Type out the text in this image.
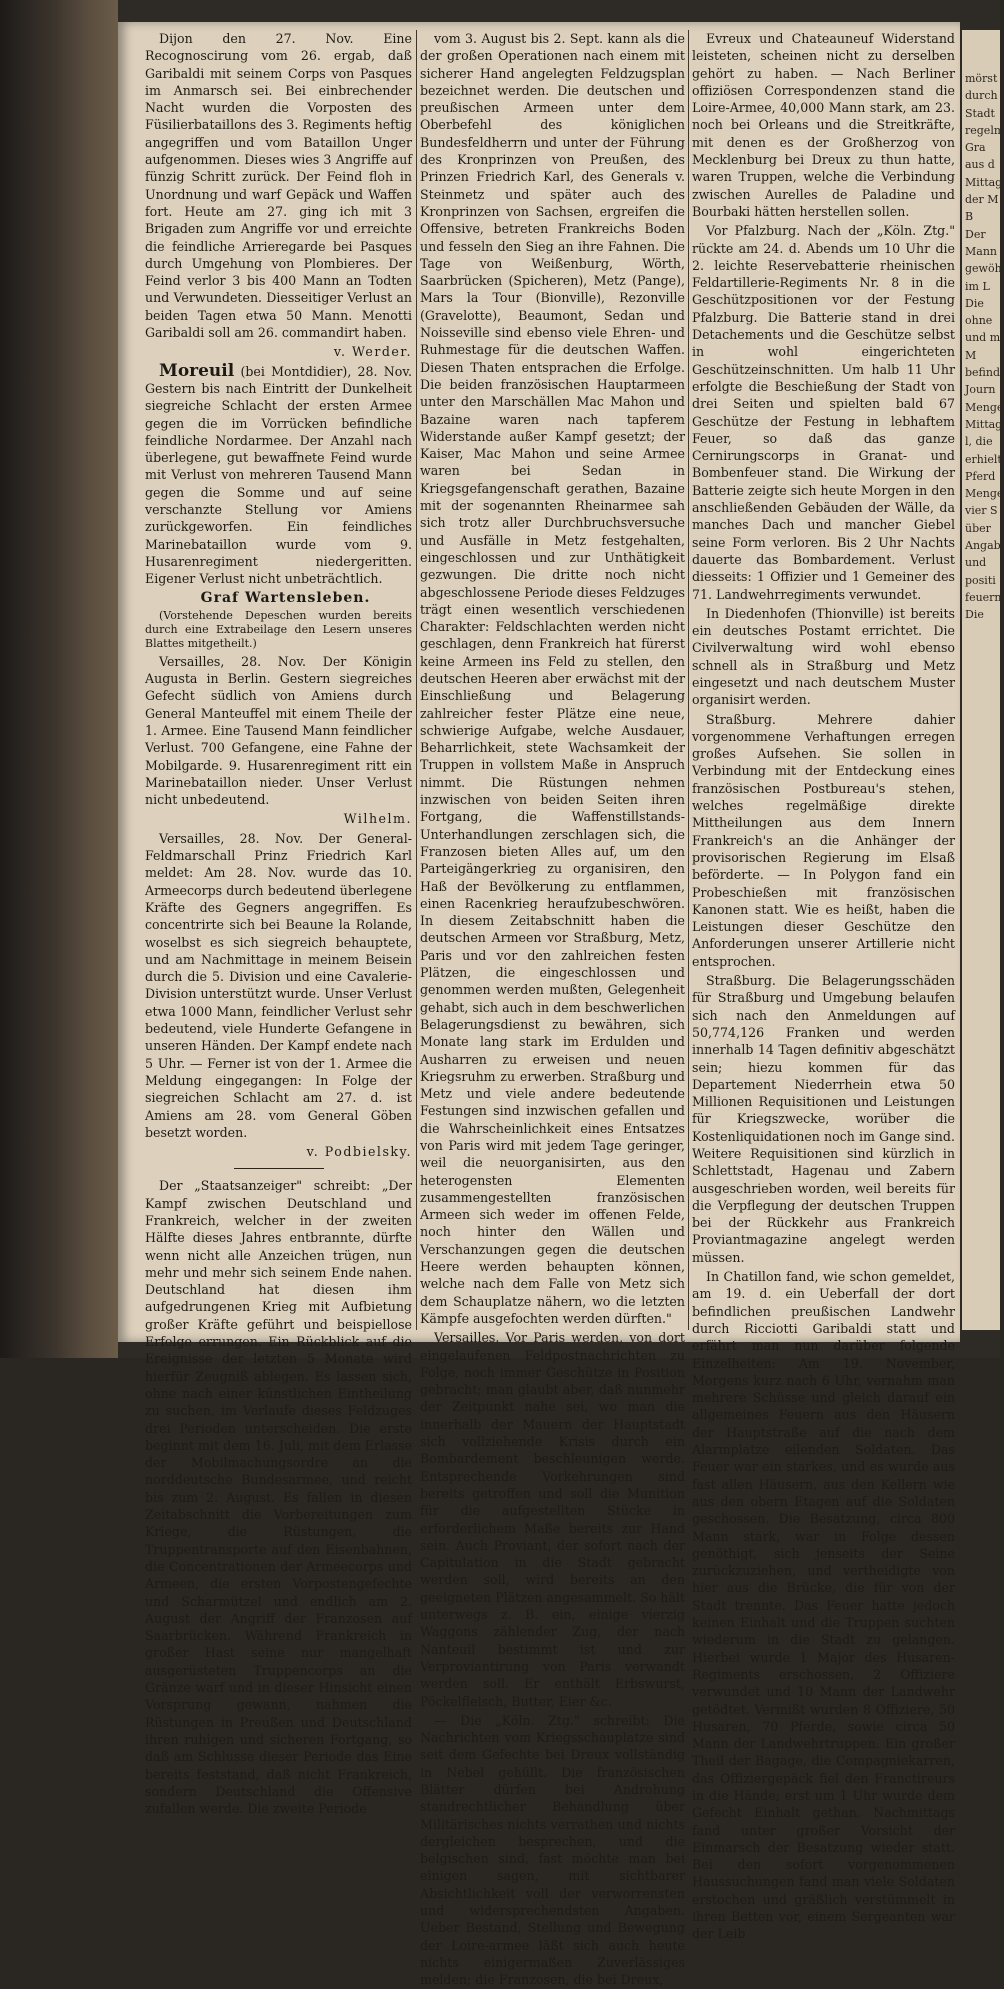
Dijon den 27. Nov. Eine Recognoscirung vom 26. ergab, daß Garibaldi mit seinem Corps von Pasques im Anmarsch sei. Bei einbrechender Nacht wurden die Vorposten des Füsilierbataillons des 3. Regiments heftig angegriffen und vom Bataillon Unger aufgenommen. Dieses wies 3 Angriffe auf fünzig Schritt zurück. Der Feind floh in Unordnung und warf Gepäck und Waffen fort. Heute am 27. ging ich mit 3 Brigaden zum Angriffe vor und erreichte die feindliche Arrieregarde bei Pasques durch Umgehung von Plombieres. Der Feind verlor 3 bis 400 Mann an Todten und Verwundeten. Diesseitiger Verlust an beiden Tagen etwa 50 Mann. Menotti Garibaldi soll am 26. commandirt haben.

v. Werder.

Moreuil (bei Montdidier), 28. Nov. Gestern bis nach Eintritt der Dunkelheit siegreiche Schlacht der ersten Armee gegen die im Vorrücken befindliche feindliche Nordarmee. Der Anzahl nach überlegene, gut bewaffnete Feind wurde mit Verlust von mehreren Tausend Mann gegen die Somme und auf seine verschanzte Stellung vor Amiens zurückgeworfen. Ein feindliches Marinebataillon wurde vom 9. Husarenregiment niedergeritten. Eigener Verlust nicht unbeträchtlich.

Graf Wartensleben.

(Vorstehende Depeschen wurden bereits durch eine Extrabeilage den Lesern unseres Blattes mitgetheilt.)

Versailles, 28. Nov. Der Königin Augusta in Berlin. Gestern siegreiches Gefecht südlich von Amiens durch General Manteuffel mit einem Theile der 1. Armee. Eine Tausend Mann feindlicher Verlust. 700 Gefangene, eine Fahne der Mobilgarde. 9. Husarenregiment ritt ein Marinebataillon nieder. Unser Verlust nicht unbedeutend.

Wilhelm.

Versailles, 28. Nov. Der General-Feldmarschall Prinz Friedrich Karl meldet: Am 28. Nov. wurde das 10. Armeecorps durch bedeutend überlegene Kräfte des Gegners angegriffen. Es concentrirte sich bei Beaune la Rolande, woselbst es sich siegreich behauptete, und am Nachmittage in meinem Beisein durch die 5. Division und eine Cavalerie-Division unterstützt wurde. Unser Verlust etwa 1000 Mann, feindlicher Verlust sehr bedeutend, viele Hunderte Gefangene in unseren Händen. Der Kampf endete nach 5 Uhr. — Ferner ist von der 1. Armee die Meldung eingegangen: In Folge der siegreichen Schlacht am 27. d. ist Amiens am 28. vom General Göben besetzt worden.

v. Podbielsky.

Der „Staatsanzeiger" schreibt: „Der Kampf zwischen Deutschland und Frankreich, welcher in der zweiten Hälfte dieses Jahres entbrannte, dürfte wenn nicht alle Anzeichen trügen, nun mehr und mehr sich seinem Ende nahen. Deutschland hat diesen ihm aufgedrungenen Krieg mit Aufbietung großer Kräfte geführt und beispiellose Erfolge errungen. Ein Rückblick auf die Ereignisse der letzten 5 Monate wird hierfür Zeugniß ablegen. Es lassen sich, ohne nach einer künstlichen Eintheilung zu suchen, im Verlaufe dieses Feldzuges drei Perioden unterscheiden. Die erste beginnt mit dem 16. Juli, mit dem Erlasse der Mobilmachungsordre an die norddeutsche Bundesarmee, und reicht bis zum 2. August. Es fallen in diesen Zeitabschnitt die Vorbereitungen zum Kriege, die Rüstungen, die Truppentransporte auf den Eisenbahnen, die Concentrationen der Armeecorps und Armeen, die ersten Vorpostengefechte und Scharmützel und endlich am 2. August der Angriff der Franzosen auf Saarbrücken. Während Frankreich in großer Hast seine nur mangelhaft ausgerüsteten Truppencorps an die Gränze warf und in dieser Hinsicht einen Vorsprung gewann, nahmen die Rüstungen in Preußen und Deutschland ihren ruhigen und sicheren Fortgang, so daß am Schlusse dieser Periode das Eine bereits feststand, daß nicht Frankreich, sondern Deutschland die Offensive zufallen werde. Die zweite Periode

vom 3. August bis 2. Sept. kann als die der großen Operationen nach einem mit sicherer Hand angelegten Feldzugsplan bezeichnet werden. Die deutschen und preußischen Armeen unter dem Oberbefehl des königlichen Bundesfeldherrn und unter der Führung des Kronprinzen von Preußen, des Prinzen Friedrich Karl, des Generals v. Steinmetz und später auch des Kronprinzen von Sachsen, ergreifen die Offensive, betreten Frankreichs Boden und fesseln den Sieg an ihre Fahnen. Die Tage von Weißenburg, Wörth, Saarbrücken (Spicheren), Metz (Pange), Mars la Tour (Bionville), Rezonville (Gravelotte), Beaumont, Sedan und Noisseville sind ebenso viele Ehren- und Ruhmestage für die deutschen Waffen. Diesen Thaten entsprachen die Erfolge. Die beiden französischen Hauptarmeen unter den Marschällen Mac Mahon und Bazaine waren nach tapferem Widerstande außer Kampf gesetzt; der Kaiser, Mac Mahon und seine Armee waren bei Sedan in Kriegsgefangenschaft gerathen, Bazaine mit der sogenannten Rheinarmee sah sich trotz aller Durchbruchsversuche und Ausfälle in Metz festgehalten, eingeschlossen und zur Unthätigkeit gezwungen. Die dritte noch nicht abgeschlossene Periode dieses Feldzuges trägt einen wesentlich verschiedenen Charakter: Feldschlachten werden nicht geschlagen, denn Frankreich hat fürerst keine Armeen ins Feld zu stellen, den deutschen Heeren aber erwächst mit der Einschließung und Belagerung zahlreicher fester Plätze eine neue, schwierige Aufgabe, welche Ausdauer, Beharrlichkeit, stete Wachsamkeit der Truppen in vollstem Maße in Anspruch nimmt. Die Rüstungen nehmen inzwischen von beiden Seiten ihren Fortgang, die Waffenstillstands-Unterhandlungen zerschlagen sich, die Franzosen bieten Alles auf, um den Parteigängerkrieg zu organisiren, den Haß der Bevölkerung zu entflammen, einen Racenkrieg heraufzubeschwören. In diesem Zeitabschnitt haben die deutschen Armeen vor Straßburg, Metz, Paris und vor den zahlreichen festen Plätzen, die eingeschlossen und genommen werden mußten, Gelegenheit gehabt, sich auch in dem beschwerlichen Belagerungsdienst zu bewähren, sich Monate lang stark im Erdulden und Ausharren zu erweisen und neuen Kriegsruhm zu erwerben. Straßburg und Metz und viele andere bedeutende Festungen sind inzwischen gefallen und die Wahrscheinlichkeit eines Entsatzes von Paris wird mit jedem Tage geringer, weil die neuorganisirten, aus den heterogensten Elementen zusammengestellten französischen Armeen sich weder im offenen Felde, noch hinter den Wällen und Verschanzungen gegen die deutschen Heere werden behaupten können, welche nach dem Falle von Metz sich dem Schauplatze nähern, wo die letzten Kämpfe ausgefochten werden dürften."

Versailles. Vor Paris werden, von dort eingelaufenen Feldpostnachrichten zu Folge, noch immer Geschütze in Position gebracht; man glaubt aber, daß nunmehr der Zeitpunkt nahe sei, wo man die innerhalb der Mauern der Hauptstadt sich vollziehende Krisis durch ein Bombardement beschleunigen werde. Entsprechende Vorkehrungen sind bereits getroffen und soll die Munition für die aufgestellten Stücke in erforderlichem Maße bereits zur Hand sein. Auch Proviant, der sofort nach der Capitulation in die Stadt gebracht werden soll, wird bereits an den geeigneten Plätzen angesammelt. So hält unterwegs z. B. ein, einige vierzig Waggons zählender Zug, der nach Nanteuil bestimmt ist und zur Verproviantirung von Paris verwandt werden soll. Er enthält Erbswurst, Pöckelfleisch, Butter, Eier &c.

— Die „Köln. Ztg." schreibt: Die Nachrichten vom Kriegsschauplatze sind seit dem Gefechte bei Dreux vollständig in Nebel gehüllt. Die französischen Blätter dürfen bei Androhung standrechtlicher Behandlung über Militärisches nichts verrathen und nichts dergleichen besprechen, und die belgischen sind, fast möchte man bei einigen sagen, mit sichtbarer Absichtlichkeit voll der verworrensten und widersprechendsten Angaben. Ueber Bestand, Stellung und Bewegung der Loire-armee läßt sich auch heute nichts einigermaßen Zuverlässiges melden; die Franzosen, die bei Dreux,

Evreux und Chateauneuf Widerstand leisteten, scheinen nicht zu derselben gehört zu haben. — Nach Berliner offiziösen Correspondenzen stand die Loire-Armee, 40,000 Mann stark, am 23. noch bei Orleans und die Streitkräfte, mit denen es der Großherzog von Mecklenburg bei Dreux zu thun hatte, waren Truppen, welche die Verbindung zwischen Aurelles de Paladine und Bourbaki hätten herstellen sollen.

Vor Pfalzburg. Nach der „Köln. Ztg." rückte am 24. d. Abends um 10 Uhr die 2. leichte Reservebatterie rheinischen Feldartillerie-Regiments Nr. 8 in die Geschützpositionen vor der Festung Pfalzburg. Die Batterie stand in drei Detachements und die Geschütze selbst in wohl eingerichteten Geschützeinschnitten. Um halb 11 Uhr erfolgte die Beschießung der Stadt von drei Seiten und spielten bald 67 Geschütze der Festung in lebhaftem Feuer, so daß das ganze Cernirungscorps in Granat- und Bombenfeuer stand. Die Wirkung der Batterie zeigte sich heute Morgen in den anschließenden Gebäuden der Wälle, da manches Dach und mancher Giebel seine Form verloren. Bis 2 Uhr Nachts dauerte das Bombardement. Verlust diesseits: 1 Offizier und 1 Gemeiner des 71. Landwehrregiments verwundet.

In Diedenhofen (Thionville) ist bereits ein deutsches Postamt errichtet. Die Civilverwaltung wird wohl ebenso schnell als in Straßburg und Metz eingesetzt und nach deutschem Muster organisirt werden.

Straßburg. Mehrere dahier vorgenommene Verhaftungen erregen großes Aufsehen. Sie sollen in Verbindung mit der Entdeckung eines französischen Postbureau's stehen, welches regelmäßige direkte Mittheilungen aus dem Innern Frankreich's an die Anhänger der provisorischen Regierung im Elsaß beförderte. — In Polygon fand ein Probeschießen mit französischen Kanonen statt. Wie es heißt, haben die Leistungen dieser Geschütze den Anforderungen unserer Artillerie nicht entsprochen.

Straßburg. Die Belagerungsschäden für Straßburg und Umgebung belaufen sich nach den Anmeldungen auf 50,774,126 Franken und werden innerhalb 14 Tagen definitiv abgeschätzt sein; hiezu kommen für das Departement Niederrhein etwa 50 Millionen Requisitionen und Leistungen für Kriegszwecke, worüber die Kostenliquidationen noch im Gange sind. Weitere Requisitionen sind kürzlich in Schlettstadt, Hagenau und Zabern ausgeschrieben worden, weil bereits für die Verpflegung der deutschen Truppen bei der Rückkehr aus Frankreich Proviantmagazine angelegt werden müssen.

In Chatillon fand, wie schon gemeldet, am 19. d. ein Ueberfall der dort befindlichen preußischen Landwehr durch Ricciotti Garibaldi statt und erfährt man nun darüber folgende Einzelheiten: Am 19. November, Morgens kurz nach 6 Uhr, vernahm man mehrere Schüsse und gleich darauf ein allgemeines Feuern aus den Häusern der Hauptstraße auf die nach dem Alarmplatze eilenden Soldaten. Das Feuer war ein starkes, und es wurde aus fast allen Häusern, aus den Kellern wie aus den obern Etagen auf die Soldaten geschossen. Die Besatzung, circa 800 Mann stark, war in Folge dessen genöthigt, sich jenseits der Seine zurückzuziehen, und vertheidigte von hier aus die Brücke, die für von der Stadt trennte. Das Feuer hatte jedoch keinen Einhalt und die Truppen suchten wiederum in die Stadt zu gelangen. Hierbei wurde 1 Major des Husaren-Regiments erschossen, 2 Offiziere verwundet und 10 Mann der Landwehr getödtet. Vermißt wurden 8 Offiziere, 50 Husaren, 70 Pferde, sowie circa 50 Mann der Landwehrtruppen. Ein großer Theil der Bagage, die Compagniekarren, das Offiziergepäck fiel den Franctireurs in die Hände; erst um 1 Uhr wurde dem Gefecht Einhalt gethan. Nachmittags fand unter großer Vorsicht der Einmarsch der Besatzung wieder statt. Bei den sofort vorgenommenen Haussuchungen fand man viele Soldaten erstochen und gräßlich verstümmelt in ihren Betten vor, einem Sergeanten war der Leib

mörst
durch
Stadt
regelm
Gra
aus d
Mittag
der M
B
Der
Mann
gewöh
im L
Die
ohne
und m
M
befind
Journ
Menge
Mittag
l, die
erhielt
Pferd
Menge
vier S
über
Angab
und
positi
feuern
Die
